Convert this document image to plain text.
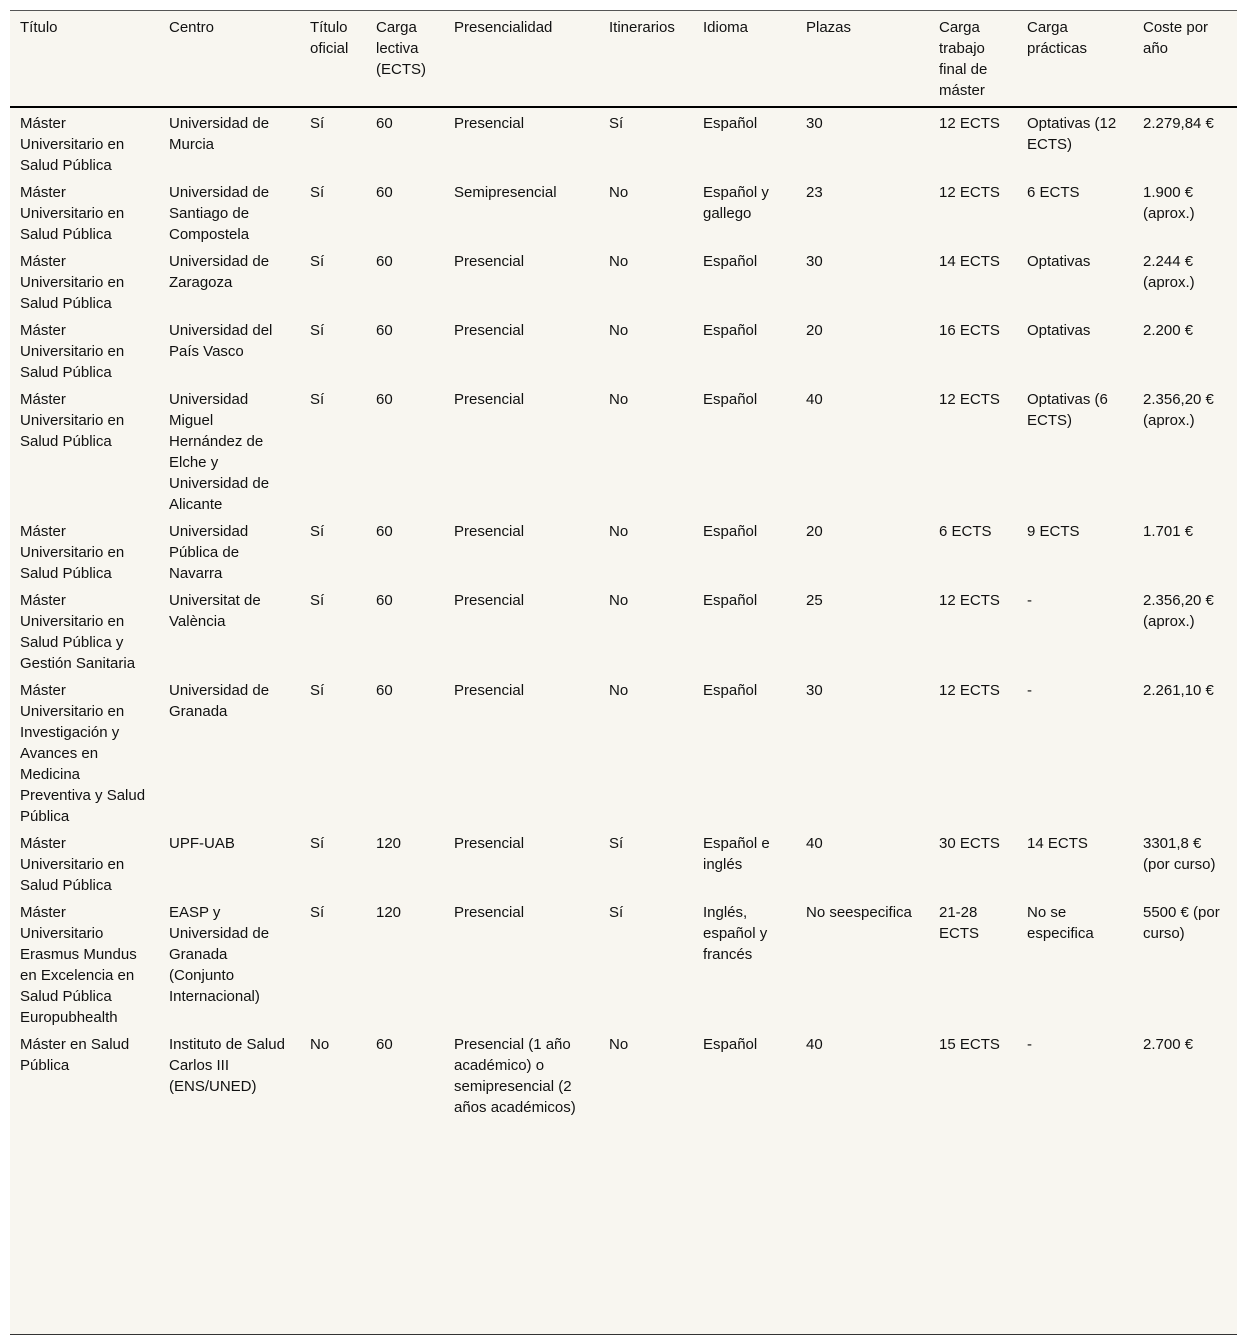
Título	Centro	Título oficial	Carga lectiva (ECTS)	Presencialidad	Itinerarios	Idioma	Plazas	Carga trabajo final de máster	Carga prácticas	Coste por año
Máster Universitario en Salud Pública	Universidad de Murcia	Sí	60	Presencial	Sí	Español	30	12 ECTS	Optativas (12 ECTS)	2.279,84 €
Máster Universitario en Salud Pública	Universidad de Santiago de Compostela	Sí	60	Semipresencial	No	Español y gallego	23	12 ECTS	6 ECTS	1.900 € (aprox.)
Máster Universitario en Salud Pública	Universidad de Zaragoza	Sí	60	Presencial	No	Español	30	14 ECTS	Optativas	2.244 € (aprox.)
Máster Universitario en Salud Pública	Universidad del País Vasco	Sí	60	Presencial	No	Español	20	16 ECTS	Optativas	2.200 €
Máster Universitario en Salud Pública	Universidad Miguel Hernández de Elche y Universidad de Alicante	Sí	60	Presencial	No	Español	40	12 ECTS	Optativas (6 ECTS)	2.356,20 € (aprox.)
Máster Universitario en Salud Pública	Universidad Pública de Navarra	Sí	60	Presencial	No	Español	20	6 ECTS	9 ECTS	1.701 €
Máster Universitario en Salud Pública y Gestión Sanitaria	Universitat de València	Sí	60	Presencial	No	Español	25	12 ECTS	-	2.356,20 € (aprox.)
Máster Universitario en Investigación y Avances en Medicina Preventiva y Salud Pública	Universidad de Granada	Sí	60	Presencial	No	Español	30	12 ECTS	-	2.261,10 €
Máster Universitario en Salud Pública	UPF-UAB	Sí	120	Presencial	Sí	Español e inglés	40	30 ECTS	14 ECTS	3301,8 € (por curso)
Máster Universitario Erasmus Mundus en Excelencia en Salud Pública Europubhealth	EASP y Universidad de Granada (Conjunto Internacional)	Sí	120	Presencial	Sí	Inglés, español y francés	No seespecifica	21-28 ECTS	No se especifica	5500 € (por curso)
Máster en Salud Pública	Instituto de Salud Carlos III (ENS/UNED)	No	60	Presencial (1 año académico) o semipresencial (2 años académicos)	No	Español	40	15 ECTS	-	2.700 €
